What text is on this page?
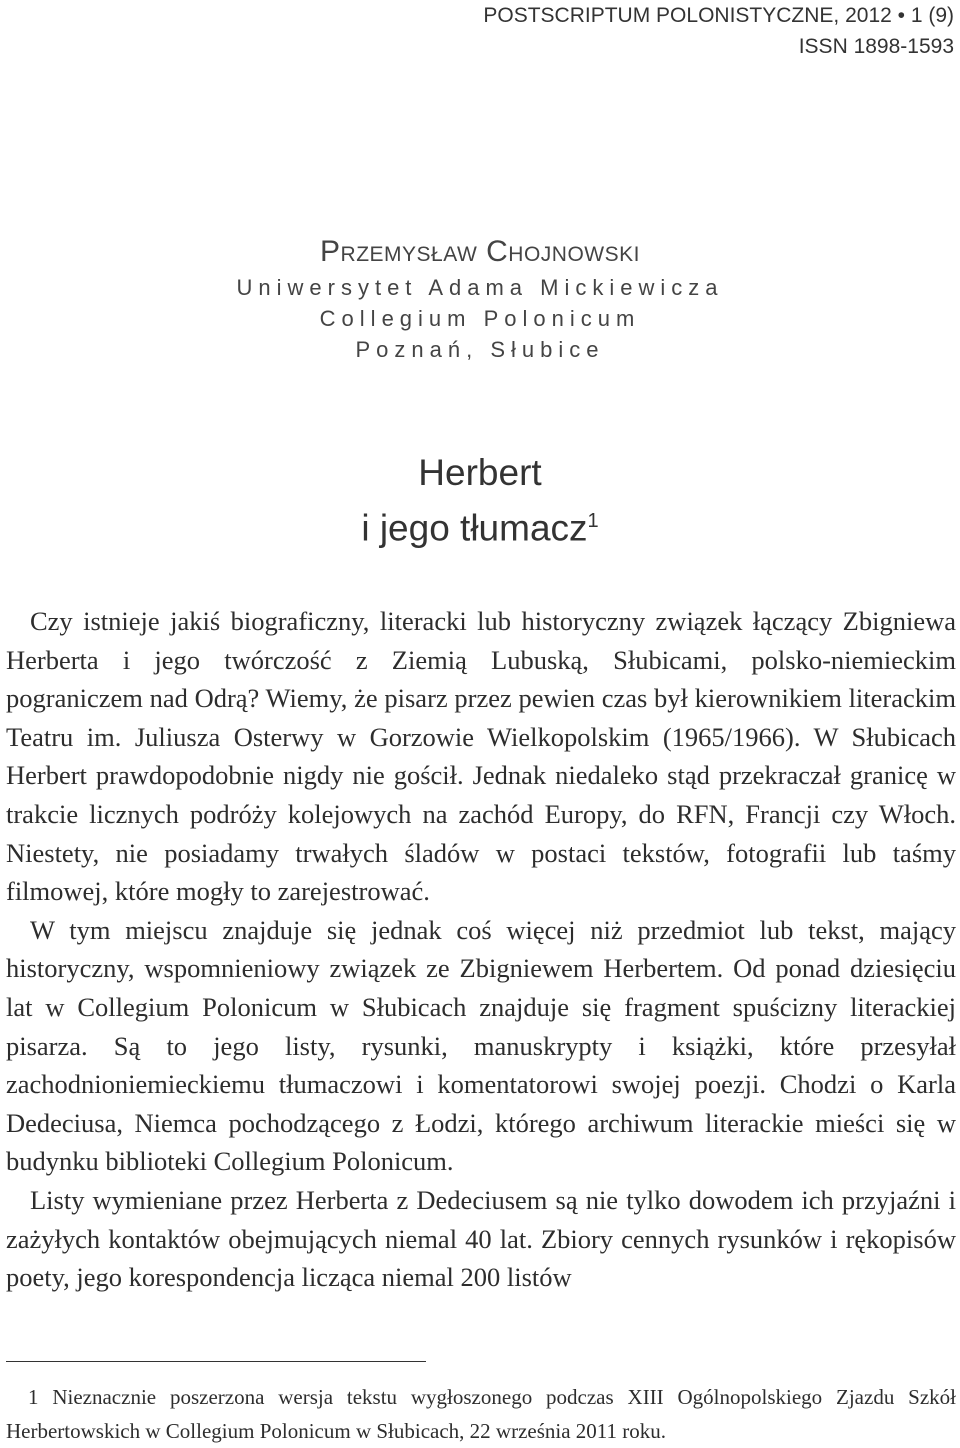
POSTSCRIPTUM POLONISTYCZNE, 2012 • 1 (9)
ISSN 1898-1593

Przemysław Chojnowski

Uniwersytet Adama Mickiewicza

Collegium Polonicum

Poznań, Słubice

Herbert

i jego tłumacz$^1$

Czy istnieje jakiś biograficzny, literacki lub historyczny związek łączący Zbigniewa Herberta i jego twórczość z Ziemią Lubuską, Słubicami, polsko-niemieckim pograniczem nad Odrą? Wiemy, że pisarz przez pewien czas był kierownikiem literackim Teatru im. Juliusza Osterwy w Gorzowie Wielkopolskim (1965/1966). W Słubicach Herbert prawdopodobnie nigdy nie gościł. Jednak niedaleko stąd przekraczał granicę w trakcie licznych podróży kolejowych na zachód Europy, do RFN, Francji czy Włoch. Niestety, nie posiadamy trwałych śladów w postaci tekstów, fotografii lub taśmy filmowej, które mogły to zarejestrować.

W tym miejscu znajduje się jednak coś więcej niż przedmiot lub tekst, mający historyczny, wspomnieniowy związek ze Zbigniewem Herbertem. Od ponad dziesięciu lat w Collegium Polonicum w Słubicach znajduje się fragment spuścizny literackiej pisarza. Są to jego listy, rysunki, manuskrypty i książki, które przesyłał zachodnioniemieckiemu tłumaczowi i komentatorowi swojej poezji. Chodzi o Karla Dedeciusa, Niemca pochodzącego z Łodzi, którego archiwum literackie mieści się w budynku biblioteki Collegium Polonicum.

Listy wymieniane przez Herberta z Dedeciusem są nie tylko dowodem ich przyjaźni i zażyłych kontaktów obejmujących niemal 40 lat. Zbiory cennych rysunków i rękopisów poety, jego korespondencja licząca niemal 200 listów

1 Nieznacznie poszerzona wersja tekstu wygłoszonego podczas XIII Ogólnopolskiego Zjazdu Szkół Herbertowskich w Collegium Polonicum w Słubicach, 22 września 2011 roku.
